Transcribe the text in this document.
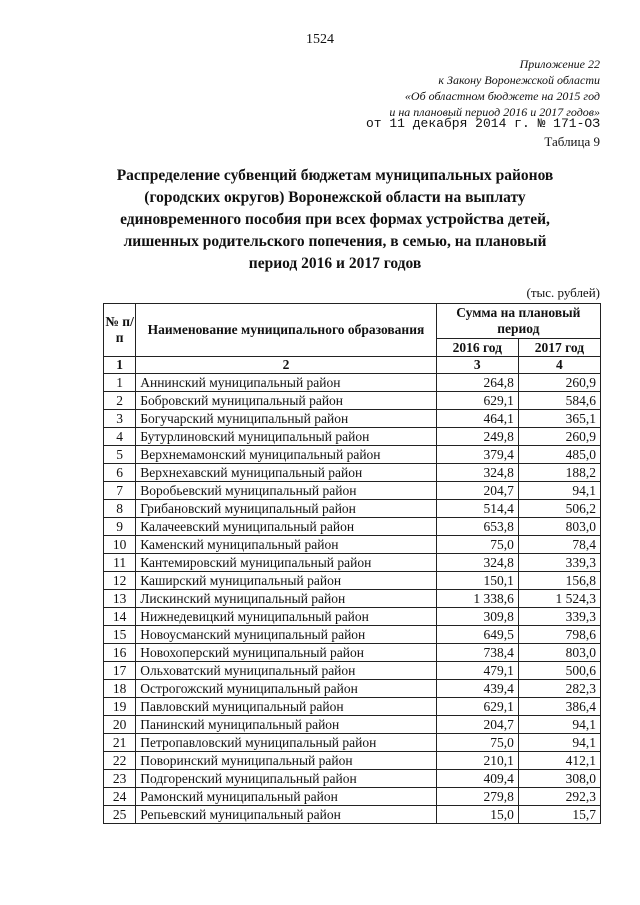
1524
Приложение 22
к Закону Воронежской области
«Об областном бюджете на 2015 год
и на плановый период 2016 и 2017 годов»
от 11 декабря 2014 г. № 171-ОЗ
Таблица 9
Распределение субвенций бюджетам муниципальных районов (городских округов) Воронежской области на выплату единовременного пособия при всех формах устройства детей, лишенных родительского попечения, в семью, на плановый период 2016 и 2017 годов
(тыс. рублей)
№ п/п	Наименование муниципального образования	Сумма на плановый период	
		2016 год	2017 год
1	2	3	4
1	Аннинский муниципальный район	264,8	260,9
2	Бобровский муниципальный район	629,1	584,6
3	Богучарский муниципальный район	464,1	365,1
4	Бутурлиновский муниципальный район	249,8	260,9
5	Верхнемамонский муниципальный район	379,4	485,0
6	Верхнехавский муниципальный район	324,8	188,2
7	Воробьевский муниципальный район	204,7	94,1
8	Грибановский муниципальный район	514,4	506,2
9	Калачеевский муниципальный район	653,8	803,0
10	Каменский муниципальный район	75,0	78,4
11	Кантемировский муниципальный район	324,8	339,3
12	Каширский муниципальный район	150,1	156,8
13	Лискинский муниципальный район	1 338,6	1 524,3
14	Нижнедевицкий муниципальный район	309,8	339,3
15	Новоусманский муниципальный район	649,5	798,6
16	Новохоперский муниципальный район	738,4	803,0
17	Ольховатский муниципальный район	479,1	500,6
18	Острогожский муниципальный район	439,4	282,3
19	Павловский муниципальный район	629,1	386,4
20	Панинский муниципальный район	204,7	94,1
21	Петропавловский муниципальный район	75,0	94,1
22	Поворинский муниципальный район	210,1	412,1
23	Подгоренский муниципальный район	409,4	308,0
24	Рамонский муниципальный район	279,8	292,3
25	Репьевский муниципальный район	15,0	15,7
